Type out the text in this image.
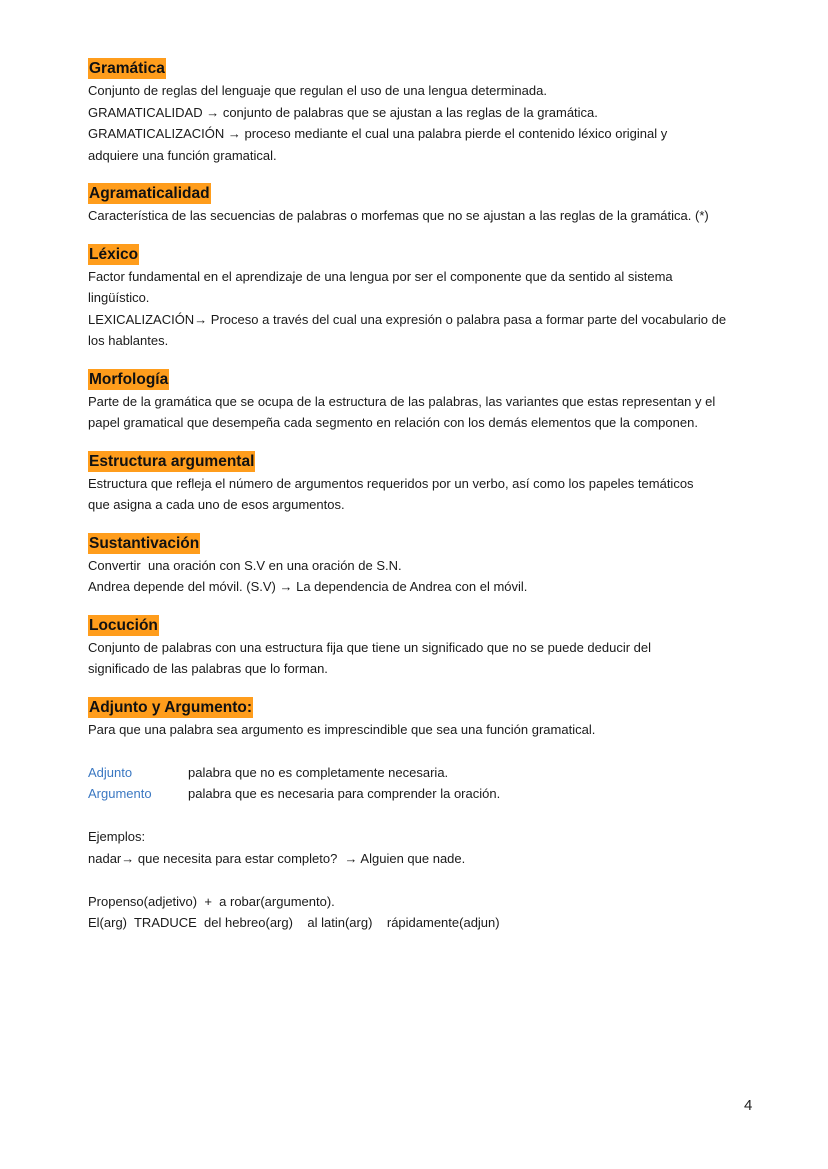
Gramática

Conjunto de reglas del lenguaje que regulan el uso de una lengua determinada.

GRAMATICALIDAD → conjunto de palabras que se ajustan a las reglas de la gramática.

GRAMATICALIZACIÓN → proceso mediante el cual una palabra pierde el contenido léxico original y

adquiere una función gramatical.

Agramaticalidad

Característica de las secuencias de palabras o morfemas que no se ajustan a las reglas de la gramática. (*)

Léxico

Factor fundamental en el aprendizaje de una lengua por ser el componente que da sentido al sistema

lingüístico.

LEXICALIZACIÓN→ Proceso a través del cual una expresión o palabra pasa a formar parte del vocabulario de

los hablantes.

Morfología

Parte de la gramática que se ocupa de la estructura de las palabras, las variantes que estas representan y el

papel gramatical que desempeña cada segmento en relación con los demás elementos que la componen.

Estructura argumental

Estructura que refleja el número de argumentos requeridos por un verbo, así como los papeles temáticos

que asigna a cada uno de esos argumentos.

Sustantivación

Convertir  una oración con S.V en una oración de S.N.

Andrea depende del móvil. (S.V) → La dependencia de Andrea con el móvil.

Locución

Conjunto de palabras con una estructura fija que tiene un significado que no se puede deducir del

significado de las palabras que lo forman.

Adjunto y Argumento:

Para que una palabra sea argumento es imprescindible que sea una función gramatical.

Adjunto	palabra que no es completamente necesaria.
Argumento	palabra que es necesaria para comprender la oración.

Ejemplos:

nadar→ que necesita para estar completo?  → Alguien que nade.

Propenso(adjetivo)  +  a robar(argumento).

El(arg)  TRADUCE  del hebreo(arg)    al latin(arg)    rápidamente(adjun)

4
